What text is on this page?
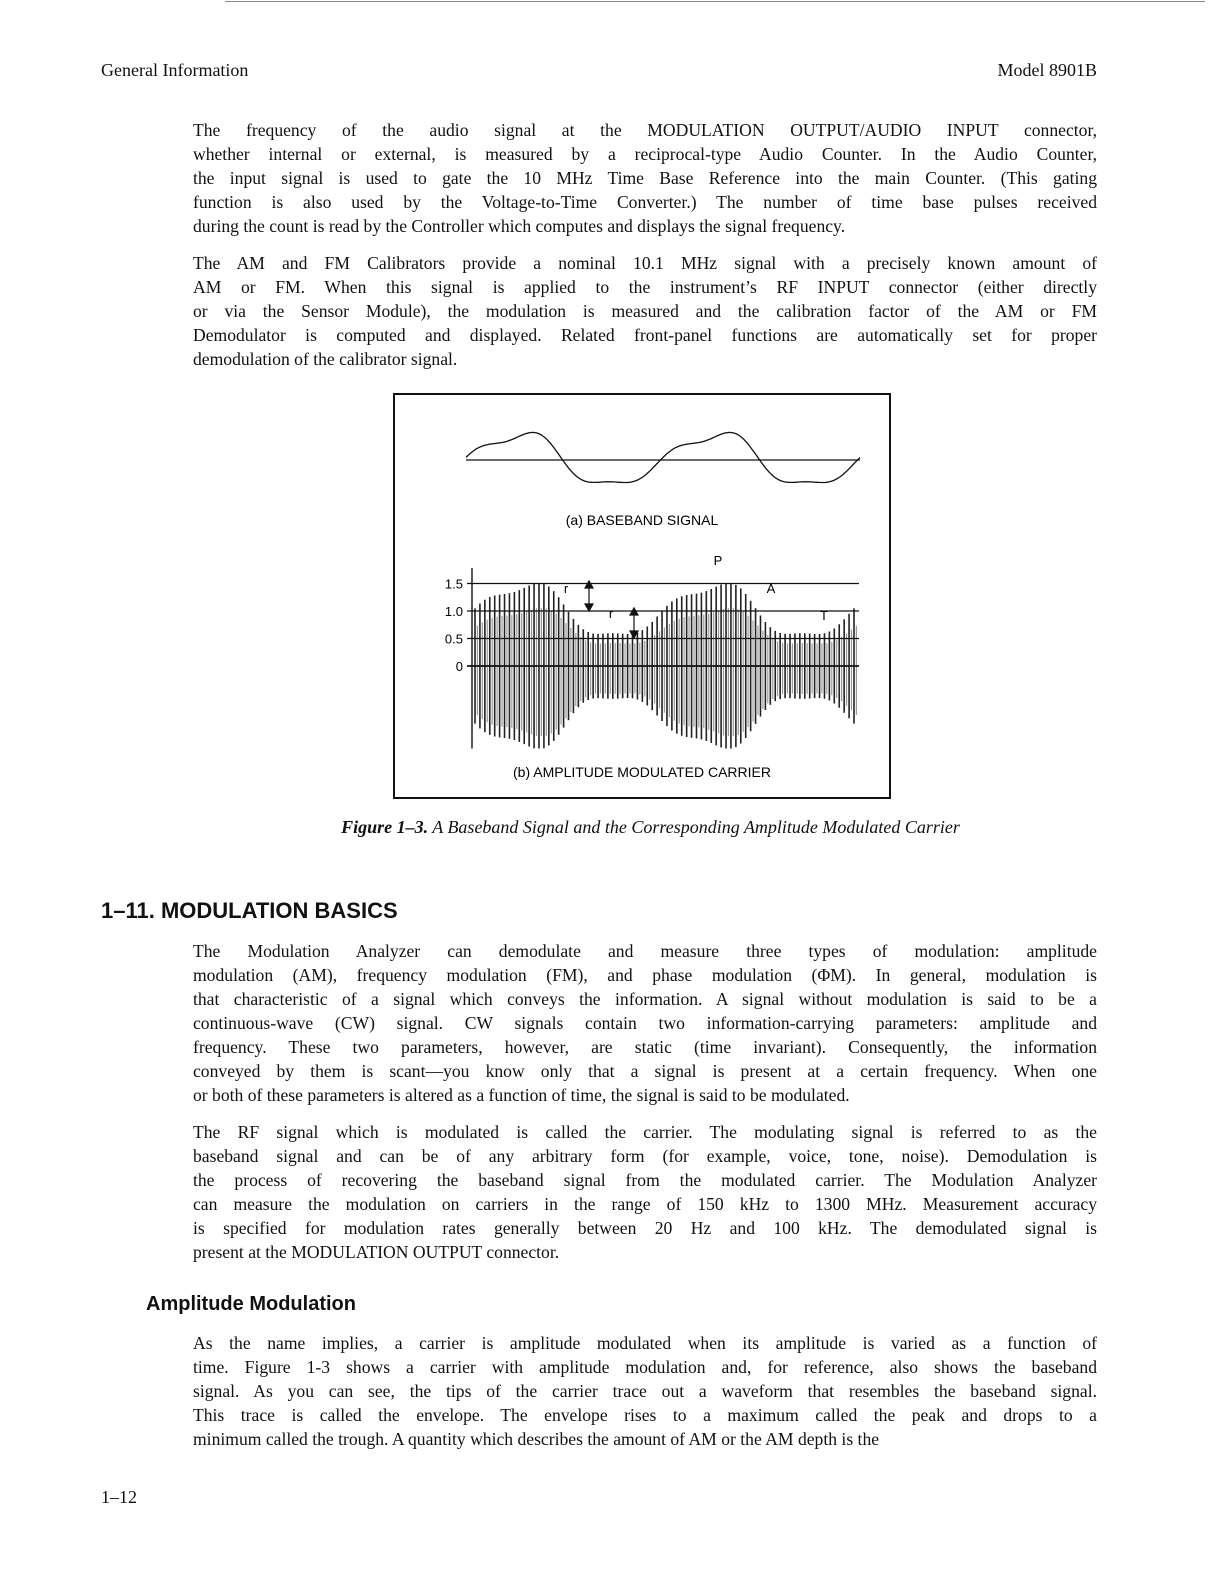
General Information	Model 8901B
The frequency of the audio signal at the MODULATION OUTPUT/AUDIO INPUT connector,
whether internal or external, is measured by a reciprocal-type Audio Counter. In the Audio Counter,
the input signal is used to gate the 10 MHz Time Base Reference into the main Counter. (This gating
function is also used by the Voltage-to-Time Converter.) The number of time base pulses received
during the count is read by the Controller which computes and displays the signal frequency.
The AM and FM Calibrators provide a nominal 10.1 MHz signal with a precisely known amount of
AM or FM. When this signal is applied to the instrument’s RF INPUT connector (either directly
or via the Sensor Module), the modulation is measured and the calibration factor of the AM or FM
Demodulator is computed and displayed. Related front-panel functions are automatically set for proper
demodulation of the calibrator signal.
(a) BASEBAND SIGNAL
1.5
1.0
0.5
0
P
A
T
r
r
(b) AMPLITUDE MODULATED CARRIER
Figure 1–3. A Baseband Signal and the Corresponding Amplitude Modulated Carrier
1–11. MODULATION BASICS
The Modulation Analyzer can demodulate and measure three types of modulation: amplitude
modulation (AM), frequency modulation (FM), and phase modulation (ΦM). In general, modulation is
that characteristic of a signal which conveys the information. A signal without modulation is said to be a
continuous-wave (CW) signal. CW signals contain two information-carrying parameters: amplitude and
frequency. These two parameters, however, are static (time invariant). Consequently, the information
conveyed by them is scant—you know only that a signal is present at a certain frequency. When one
or both of these parameters is altered as a function of time, the signal is said to be modulated.
The RF signal which is modulated is called the carrier. The modulating signal is referred to as the
baseband signal and can be of any arbitrary form (for example, voice, tone, noise). Demodulation is
the process of recovering the baseband signal from the modulated carrier. The Modulation Analyzer
can measure the modulation on carriers in the range of 150 kHz to 1300 MHz. Measurement accuracy
is specified for modulation rates generally between 20 Hz and 100 kHz. The demodulated signal is
present at the MODULATION OUTPUT connector.
Amplitude Modulation
As the name implies, a carrier is amplitude modulated when its amplitude is varied as a function of
time. Figure 1-3 shows a carrier with amplitude modulation and, for reference, also shows the baseband
signal. As you can see, the tips of the carrier trace out a waveform that resembles the baseband signal.
This trace is called the envelope. The envelope rises to a maximum called the peak and drops to a
minimum called the trough. A quantity which describes the amount of AM or the AM depth is the
1–12
